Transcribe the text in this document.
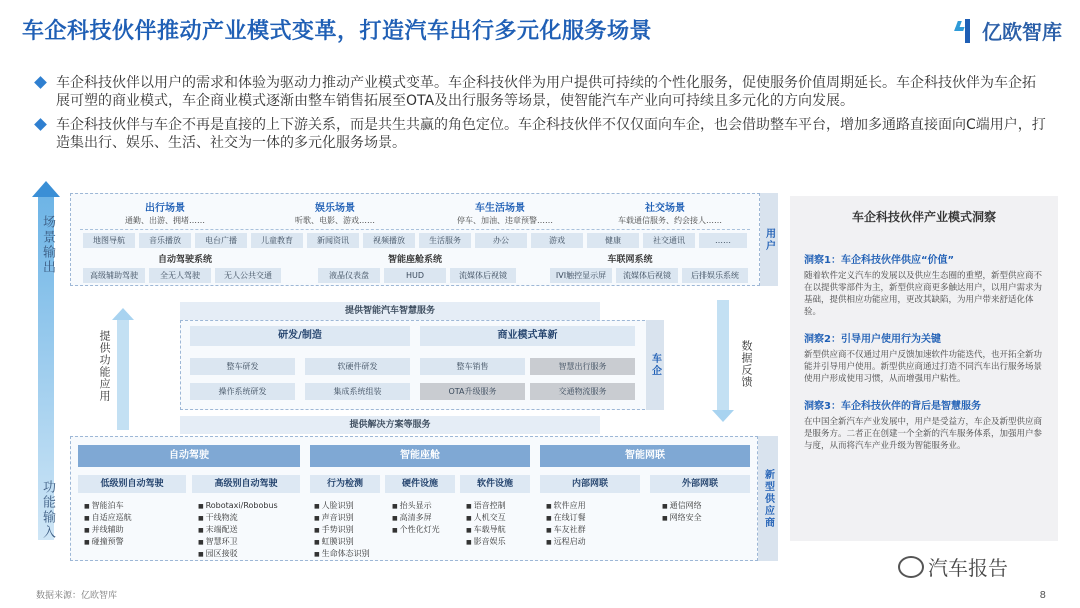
车企科技伙伴推动产业模式变革，打造汽车出行多元化服务场景	亿欧智库
车企科技伙伴以用户的需求和体验为驱动力推动产业模式变革。车企科技伙伴为用户提供可持续的个性化服务，促使服务价值周期延长。车企科技伙伴为车企拓展可塑的商业模式，车企商业模式逐渐由整车销售拓展至OTA及出行服务等场景，使智能汽车产业向可持续且多元化的方向发展。
车企科技伙伴与车企不再是直接的上下游关系，而是共生共赢的角色定位。车企科技伙伴不仅仅面向车企，也会借助整车平台，增加多通路直接面向C端用户，打造集出行、娱乐、生活、社交为一体的多元化服务场景。
场景输出
功能输入
用户
出行场景	娱乐场景	车生活场景	社交场景
通勤、出游、拥堵……	听歌、电影、游戏……	停车、加油、违章预警……	车载通信服务、约会接人……
地图导航	音乐播放	电台广播	儿童教育	新闻资讯	视频播放	生活服务	办公	游戏	健康	社交通讯	……
自动驾驶系统	智能座舱系统	车联网系统
高级辅助驾驶	全无人驾驶	无人公共交通	液晶仪表盘	HUD	流媒体后视镜	IVI触控显示屏	流媒体后视镜	后排娱乐系统
提供智能汽车智慧服务
提供功能应用	数据反馈
车企
研发/制造	商业模式革新
整车研发	软硬件研发
操作系统研发	集成系统组装
整车销售	智慧出行服务
OTA升级服务	交通物流服务
提供解决方案等服务
新型供应商
自动驾驶
低级别自动驾驶	高级别自动驾驶
■ 智能泊车
■ 自适应巡航
■ 并线辅助
■ 碰撞预警
■ Robotaxi/Robobus
■ 干线物流
■ 末端配送
■ 智慧环卫
■ 园区接驳
智能座舱
行为检测	硬件设施	软件设施
■ 人脸识别
■ 声音识别
■ 手势识别
■ 虹膜识别
■ 生命体态识别
■ 抬头显示
■ 高清多屏
■ 个性化灯光
■ 语音控制
■ 人机交互
■ 车载导航
■ 影音娱乐
智能网联
内部网联	外部网联
■ 软件应用
■ 在线订餐
■ 车友社群
■ 远程启动
■ 通信网络
■ 网络安全
车企科技伙伴产业模式洞察
洞察1：车企科技伙伴供应“价值”
随着软件定义汽车的发展以及供应生态圈的重塑，新型供应商不在以提供零部件为主，新型供应商更多触达用户，以用户需求为基础，提供相应功能应用，更改其缺陷，为用户带来舒适化体验。
洞察2：引导用户使用行为关键
新型供应商不仅通过用户反馈加速软件功能迭代，也开拓全新功能并引导用户使用。新型供应商通过打造不同汽车出行服务场景使用户形成使用习惯，从而增强用户粘性。
洞察3：车企科技伙伴的背后是智慧服务
在中国全新汽车产业发展中，用户是受益方，车企及新型供应商是服务方。二者正在创建一个全新的汽车服务体系，加强用户参与度，从而将汽车产业升级为智能服务业。
数据来源：亿欧智库
汽车报告
8
